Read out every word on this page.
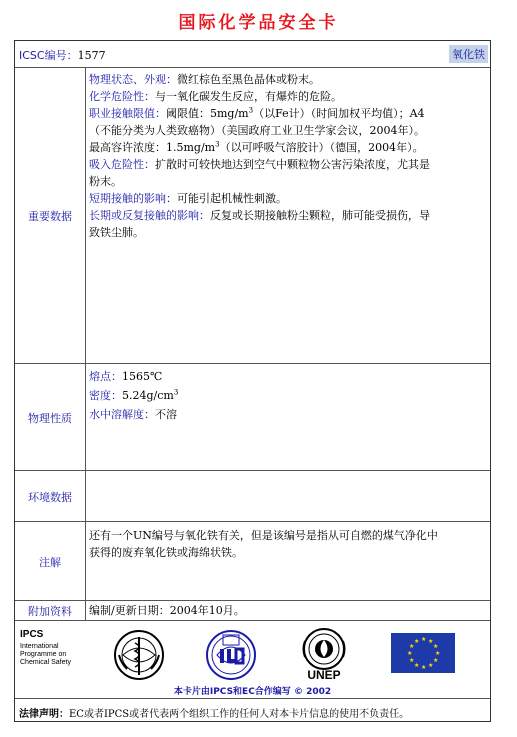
国际化学品安全卡
ICSC编号：1577	氧化铁
重要数据
物理状态、外观：微红棕色至黑色晶体或粉末。
化学危险性：与一氧化碳发生反应，有爆炸的危险。
职业接触限值：阈限值：$5mg/m^3$（以Fe计）（时间加权平均值）；A4
（不能分类为人类致癌物）（美国政府工业卫生学家会议，2004年）。
最高容许浓度：$1.5mg/m^3$（以可呼吸气溶胶计）（德国，2004年）。
吸入危险性：扩散时可较快地达到空气中颗粒物公害污染浓度，尤其是
粉末。
短期接触的影响：可能引起机械性刺激。
长期或反复接触的影响：反复或长期接触粉尘颗粒，肺可能受损伤，导
致铁尘肺。
物理性质
熔点：1565℃
密度：$5.24g/cm^3$
水中溶解度：不溶
环境数据
注解
还有一个UN编号与氧化铁有关，但是该编号是指从可自燃的煤气净化中
获得的废弃氧化铁或海绵状铁。
附加资料	编制/更新日期：2004年10月。
IPCS
International
Programme on
Chemical Safety
UNEP
★ ★
★
★
★
★
★
★
★
★
★
★
本卡片由IPCS和EC合作编写 © 2002
法律声明：EC或者IPCS或者代表两个组织工作的任何人对本卡片信息的使用不负责任。
